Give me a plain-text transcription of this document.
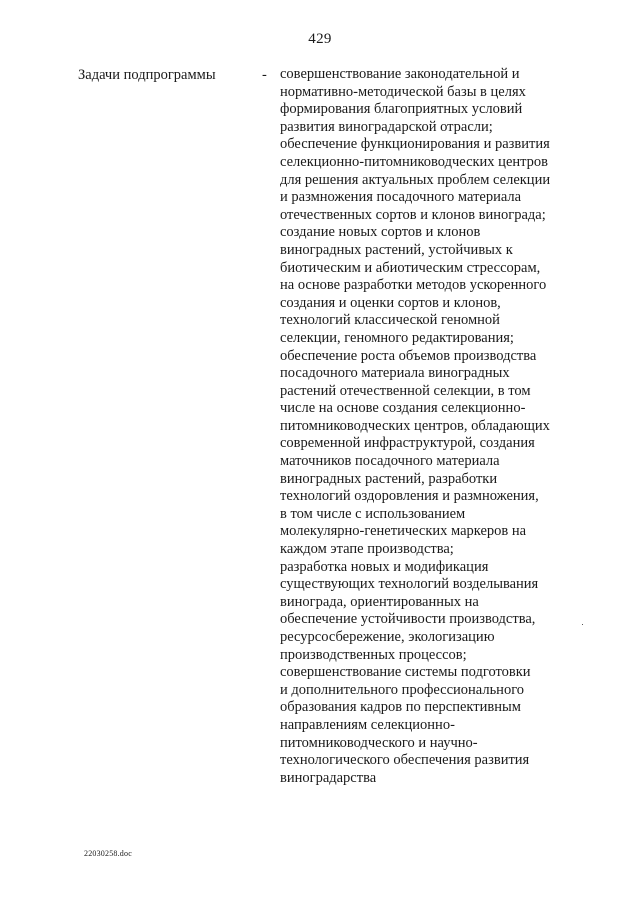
429
Задачи подпрограммы	- совершенствование законодательной и
нормативно-методической базы в целях
формирования благоприятных условий
развития виноградарской отрасли;
обеспечение функционирования и развития
селекционно-питомниководческих центров
для решения актуальных проблем селекции
и размножения посадочного материала
отечественных сортов и клонов винограда;
создание новых сортов и клонов
виноградных растений, устойчивых к
биотическим и абиотическим стрессорам,
на основе разработки методов ускоренного
создания и оценки сортов и клонов,
технологий классической геномной
селекции, геномного редактирования;
обеспечение роста объемов производства
посадочного материала виноградных
растений отечественной селекции, в том
числе на основе создания селекционно-
питомниководческих центров, обладающих
современной инфраструктурой, создания
маточников посадочного материала
виноградных растений, разработки
технологий оздоровления и размножения,
в том числе с использованием
молекулярно-генетических маркеров на
каждом этапе производства;
разработка новых и модификация
существующих технологий возделывания
винограда, ориентированных на
обеспечение устойчивости производства,
ресурсосбережение, экологизацию
производственных процессов;
совершенствование системы подготовки
и дополнительного профессионального
образования кадров по перспективным
направлениям селекционно-
питомниководческого и научно-
технологического обеспечения развития
виноградарства
22030258.doc
